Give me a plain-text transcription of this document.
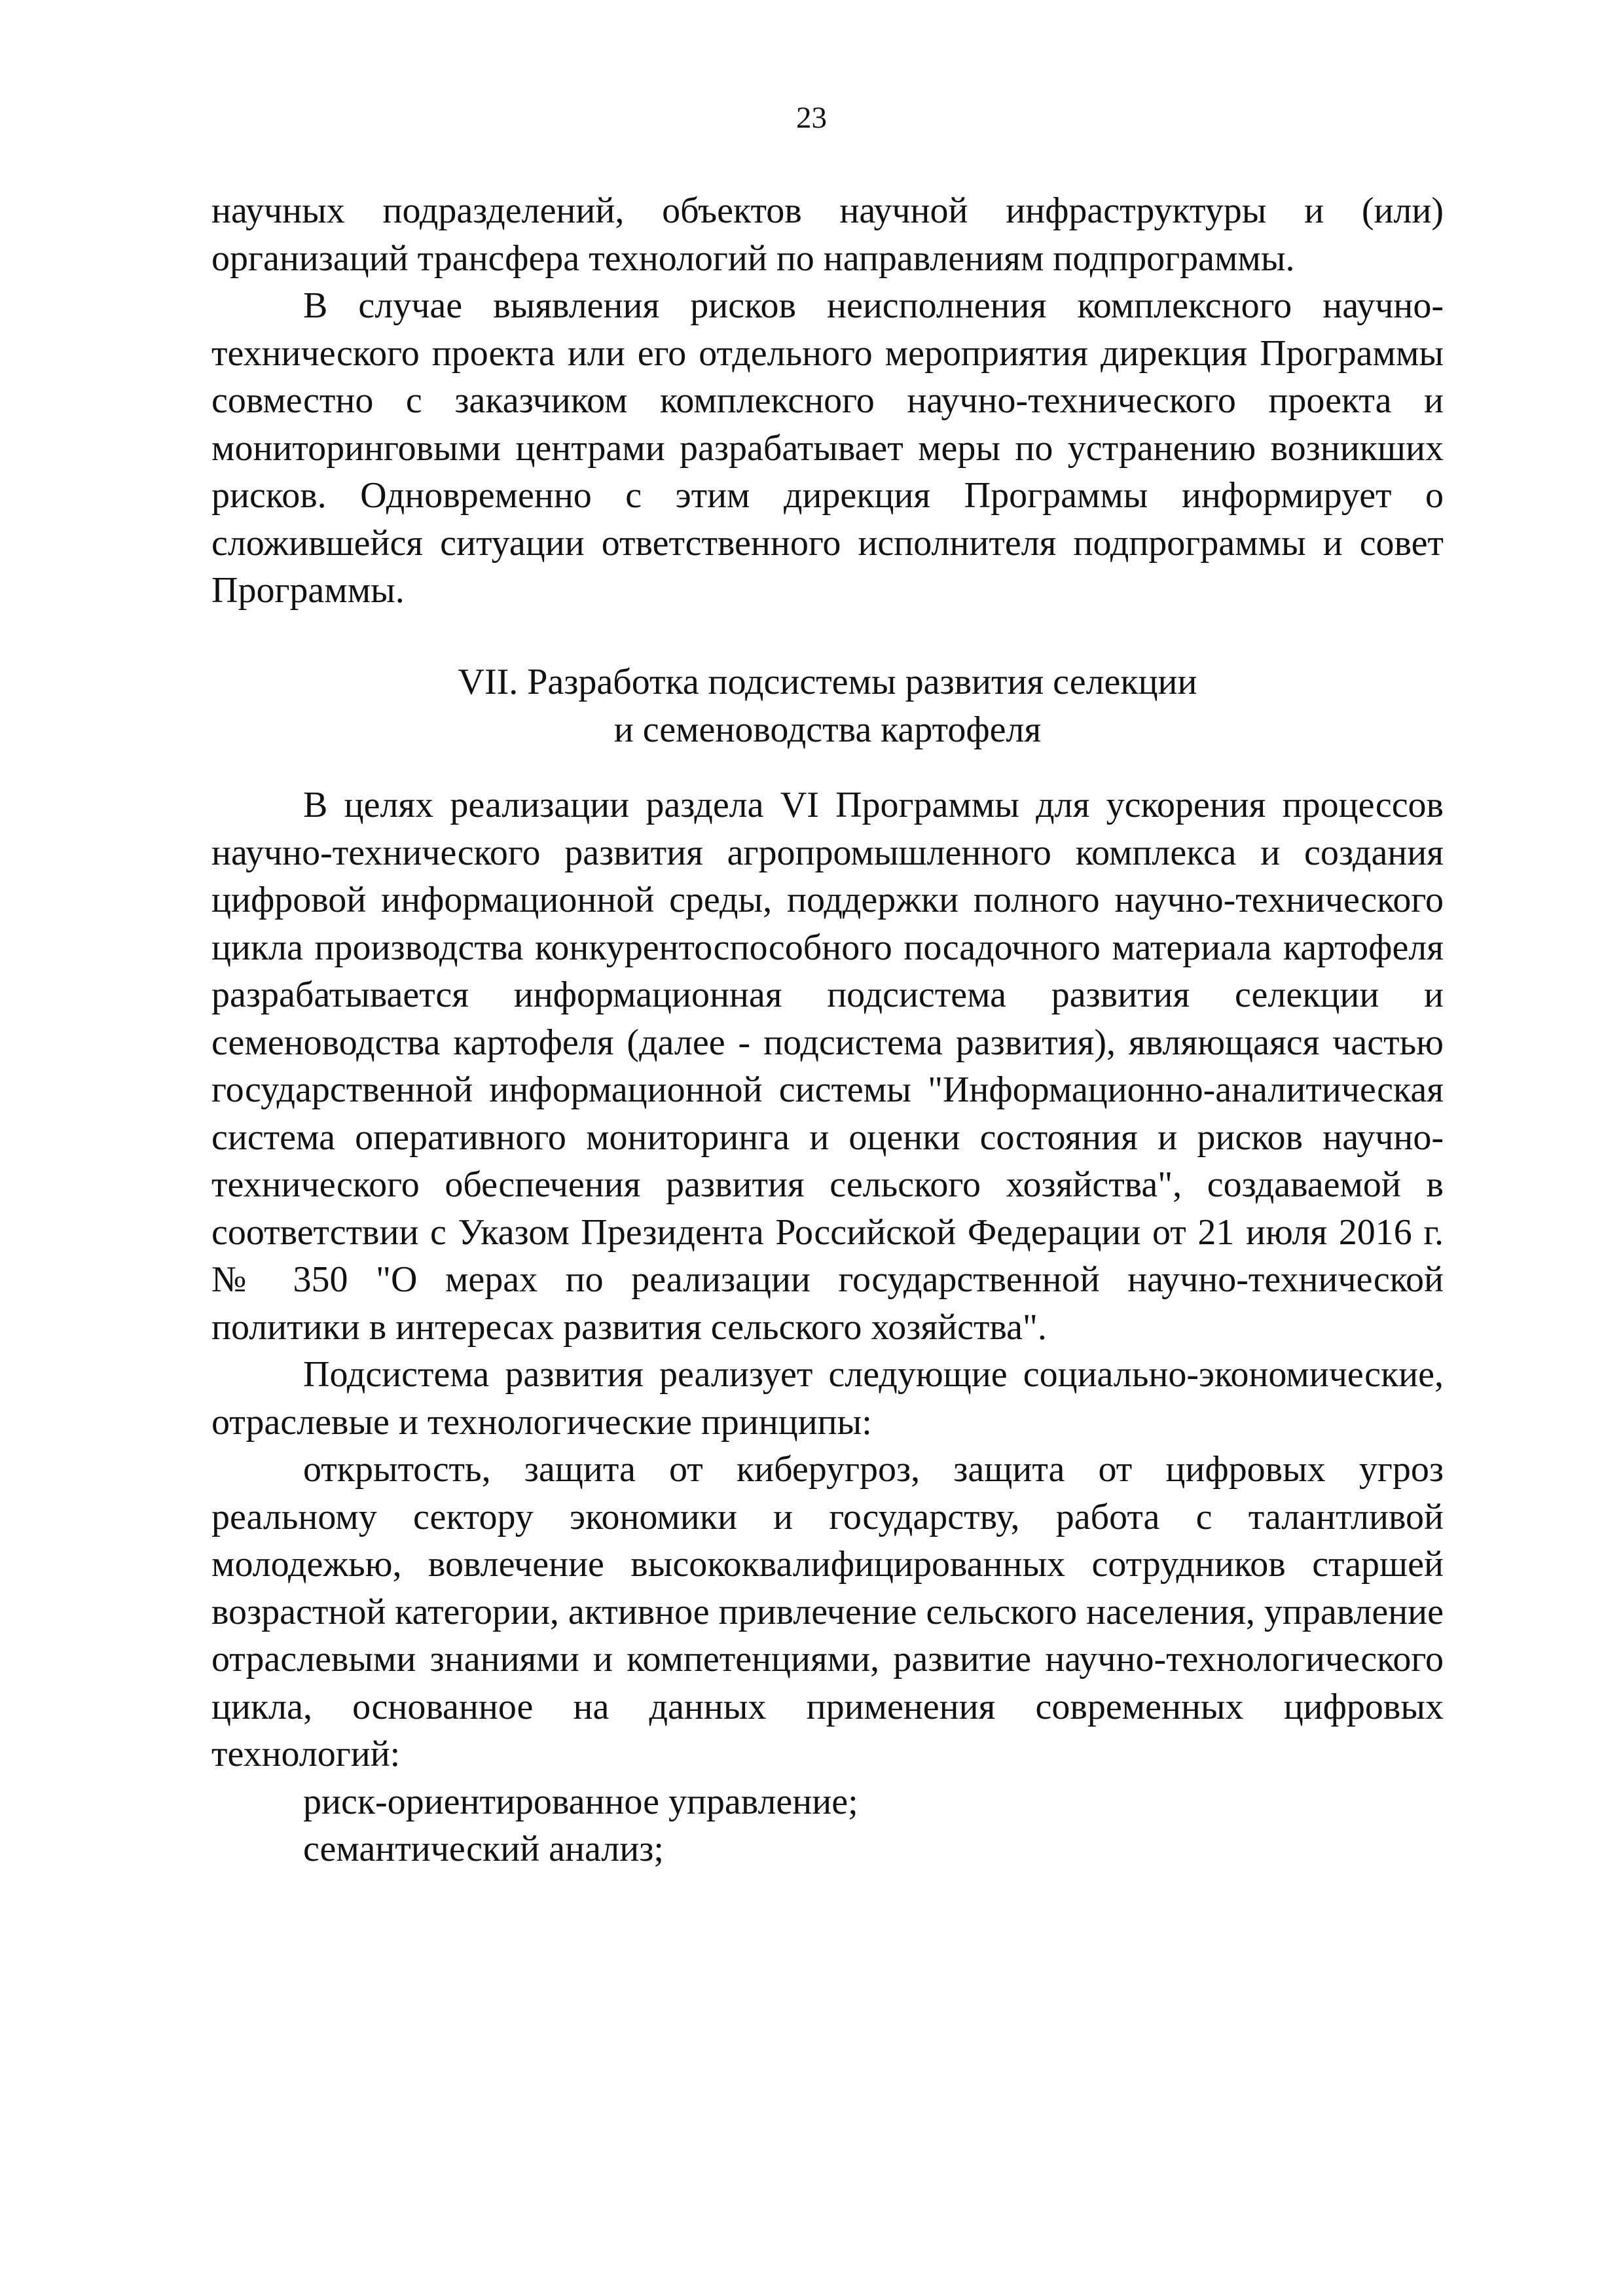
23

научных подразделений, объектов научной инфраструктуры и (или) организаций трансфера технологий по направлениям подпрограммы.

В случае выявления рисков неисполнения комплексного научно-технического проекта или его отдельного мероприятия дирекция Программы совместно с заказчиком комплексного научно-технического проекта и мониторинговыми центрами разрабатывает меры по устранению возникших рисков. Одновременно с этим дирекция Программы информирует о сложившейся ситуации ответственного исполнителя подпрограммы и совет Программы.

VII. Разработка подсистемы развития селекции

и семеноводства картофеля

В целях реализации раздела VI Программы для ускорения процессов научно-технического развития агропромышленного комплекса и создания цифровой информационной среды, поддержки полного научно-технического цикла производства конкурентоспособного посадочного материала картофеля разрабатывается информационная подсистема развития селекции и семеноводства картофеля (далее - подсистема развития), являющаяся частью государственной информационной системы "Информационно-аналитическая система оперативного мониторинга и оценки состояния и рисков научно-технического обеспечения развития сельского хозяйства", создаваемой в соответствии с Указом Президента Российской Федерации от 21 июля 2016 г. № 350 "О мерах по реализации государственной научно-технической политики в интересах развития сельского хозяйства".

Подсистема развития реализует следующие социально-экономические, отраслевые и технологические принципы:

открытость, защита от киберугроз, защита от цифровых угроз реальному сектору экономики и государству, работа с талантливой молодежью, вовлечение высококвалифицированных сотрудников старшей возрастной категории, активное привлечение сельского населения, управление отраслевыми знаниями и компетенциями, развитие научно-технологического цикла, основанное на данных применения современных цифровых технологий:

риск-ориентированное управление;

семантический анализ;
